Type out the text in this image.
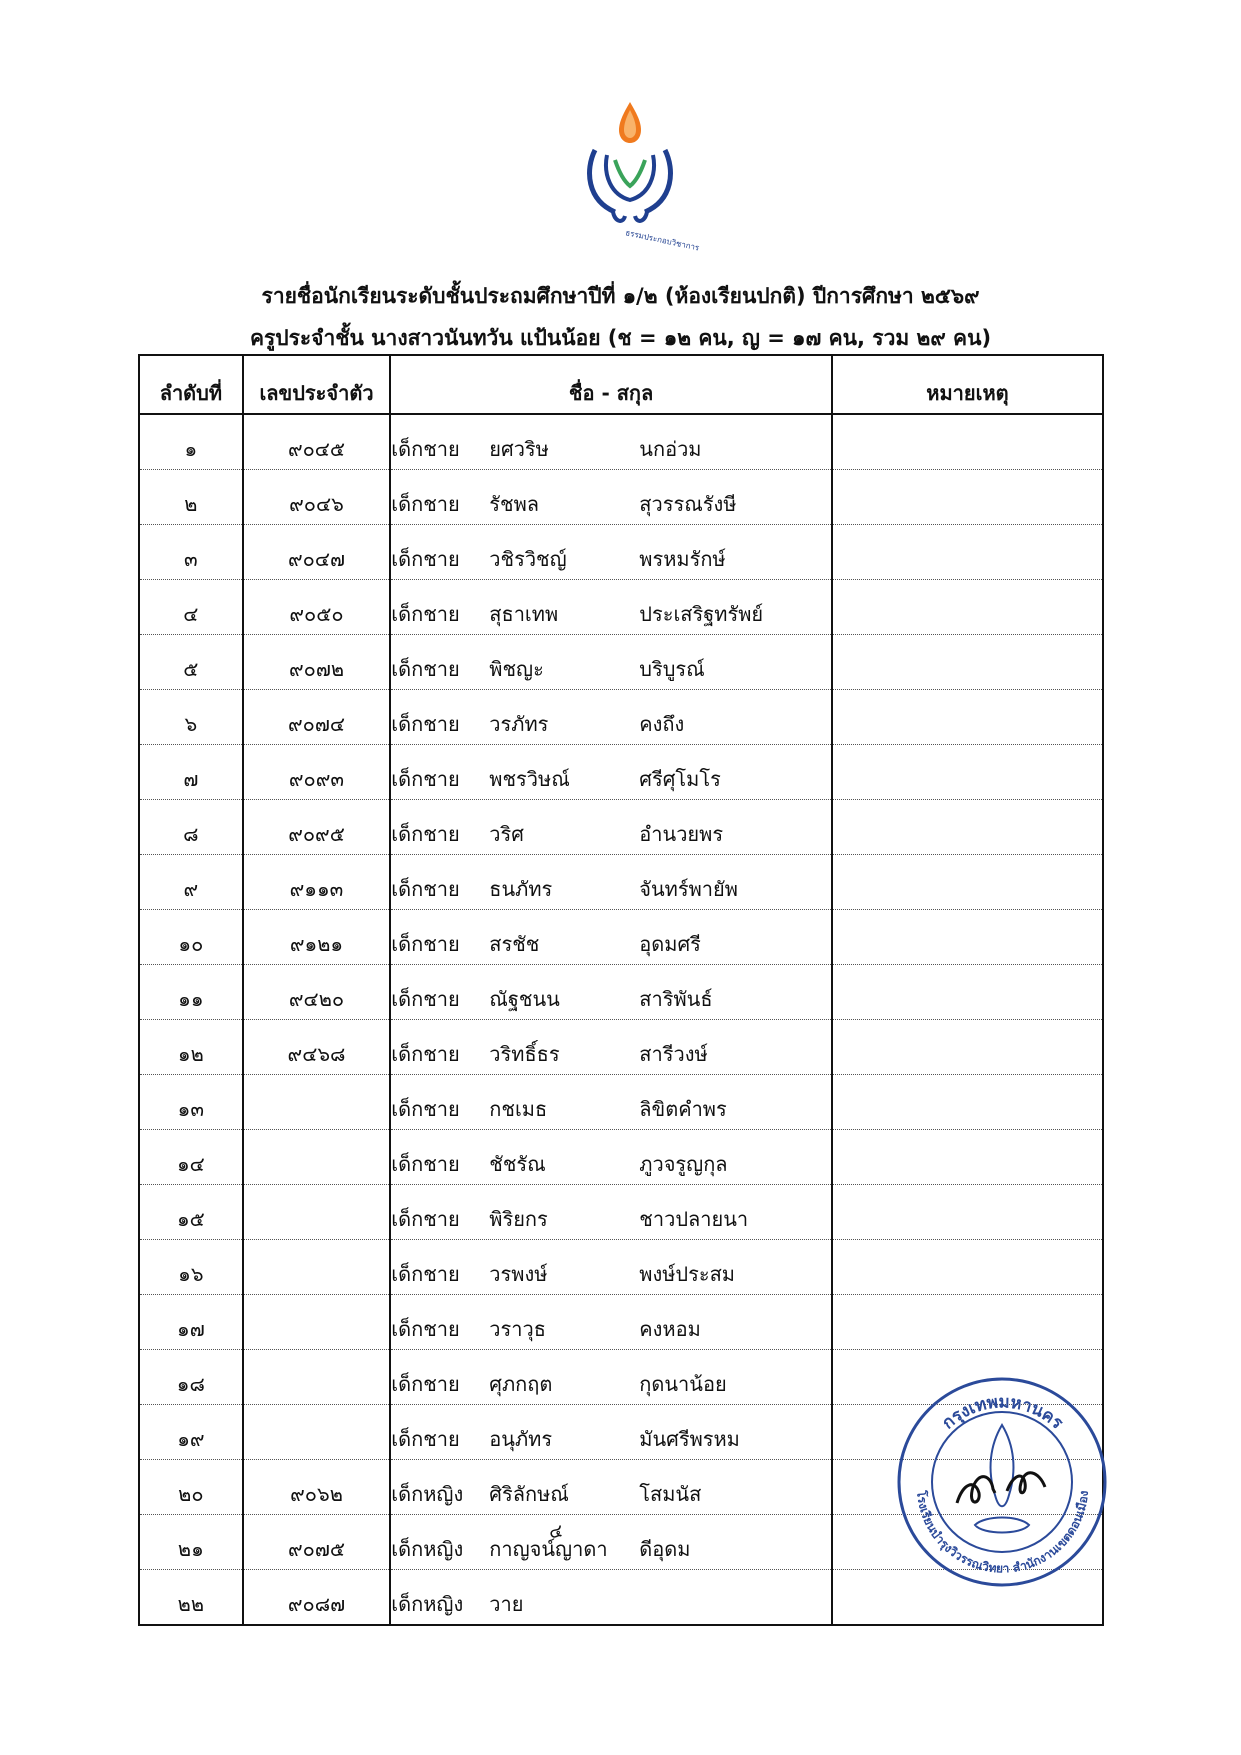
ธรรมประกอบวิชาการ
รายชื่อนักเรียนระดับชั้นประถมศึกษาปีที่ ๑/๒ (ห้องเรียนปกติ) ปีการศึกษา ๒๕๖๙
ครูประจำชั้น นางสาวนันทวัน แป้นน้อย (ช = ๑๒ คน, ญ = ๑๗ คน, รวม ๒๙ คน)
ลำดับที่	เลขประจำตัว	ชื่อ - สกุล	หมายเหตุ
๑	๙๐๔๕	เด็กชาย ยศวริษ นกอ่วม	
๒	๙๐๔๖	เด็กชาย รัชพล สุวรรณรังษี	
๓	๙๐๔๗	เด็กชาย วชิรวิชญ์ พรหมรักษ์	
๔	๙๐๕๐	เด็กชาย สุธาเทพ ประเสริฐทรัพย์	
๕	๙๐๗๒	เด็กชาย พิชญะ บริบูรณ์	
๖	๙๐๗๔	เด็กชาย วรภัทร คงถึง	
๗	๙๐๙๓	เด็กชาย พชรวิษณ์ ศรีศุโมโร	
๘	๙๐๙๕	เด็กชาย วริศ อำนวยพร	
๙	๙๑๑๓	เด็กชาย ธนภัทร จันทร์พายัพ	
๑๐	๙๑๒๑	เด็กชาย สรชัช อุดมศรี	
๑๑	๙๔๒๐	เด็กชาย ณัฐชนน สาริพันธ์	
๑๒	๙๔๖๘	เด็กชาย วริทธิ์ธร สารีวงษ์	
๑๓		เด็กชาย กชเมธ ลิขิตคำพร	
๑๔		เด็กชาย ชัชรัณ ภูวจรูญกุล	
๑๕		เด็กชาย พิริยกร ชาวปลายนา	
๑๖		เด็กชาย วรพงษ์ พงษ์ประสม	
๑๗		เด็กชาย วราวุธ คงหอม	
๑๘		เด็กชาย ศุภกฤต กุดนาน้อย	
๑๙		เด็กชาย อนุภัทร มันศรีพรหม	
๒๐	๙๐๖๒	เด็กหญิง ศิริลักษณ์ โสมนัส	
๒๑	๙๐๗๕	เด็กหญิง กาญจน์ญาดา ดีอุดม	
๒๒	๙๐๘๗	เด็กหญิง วาย	
กรุงเทพมหานคร
โรงเรียนบำรุงวิวรรณวิทยา สำนักงานเขตดอนเมือง
๔
